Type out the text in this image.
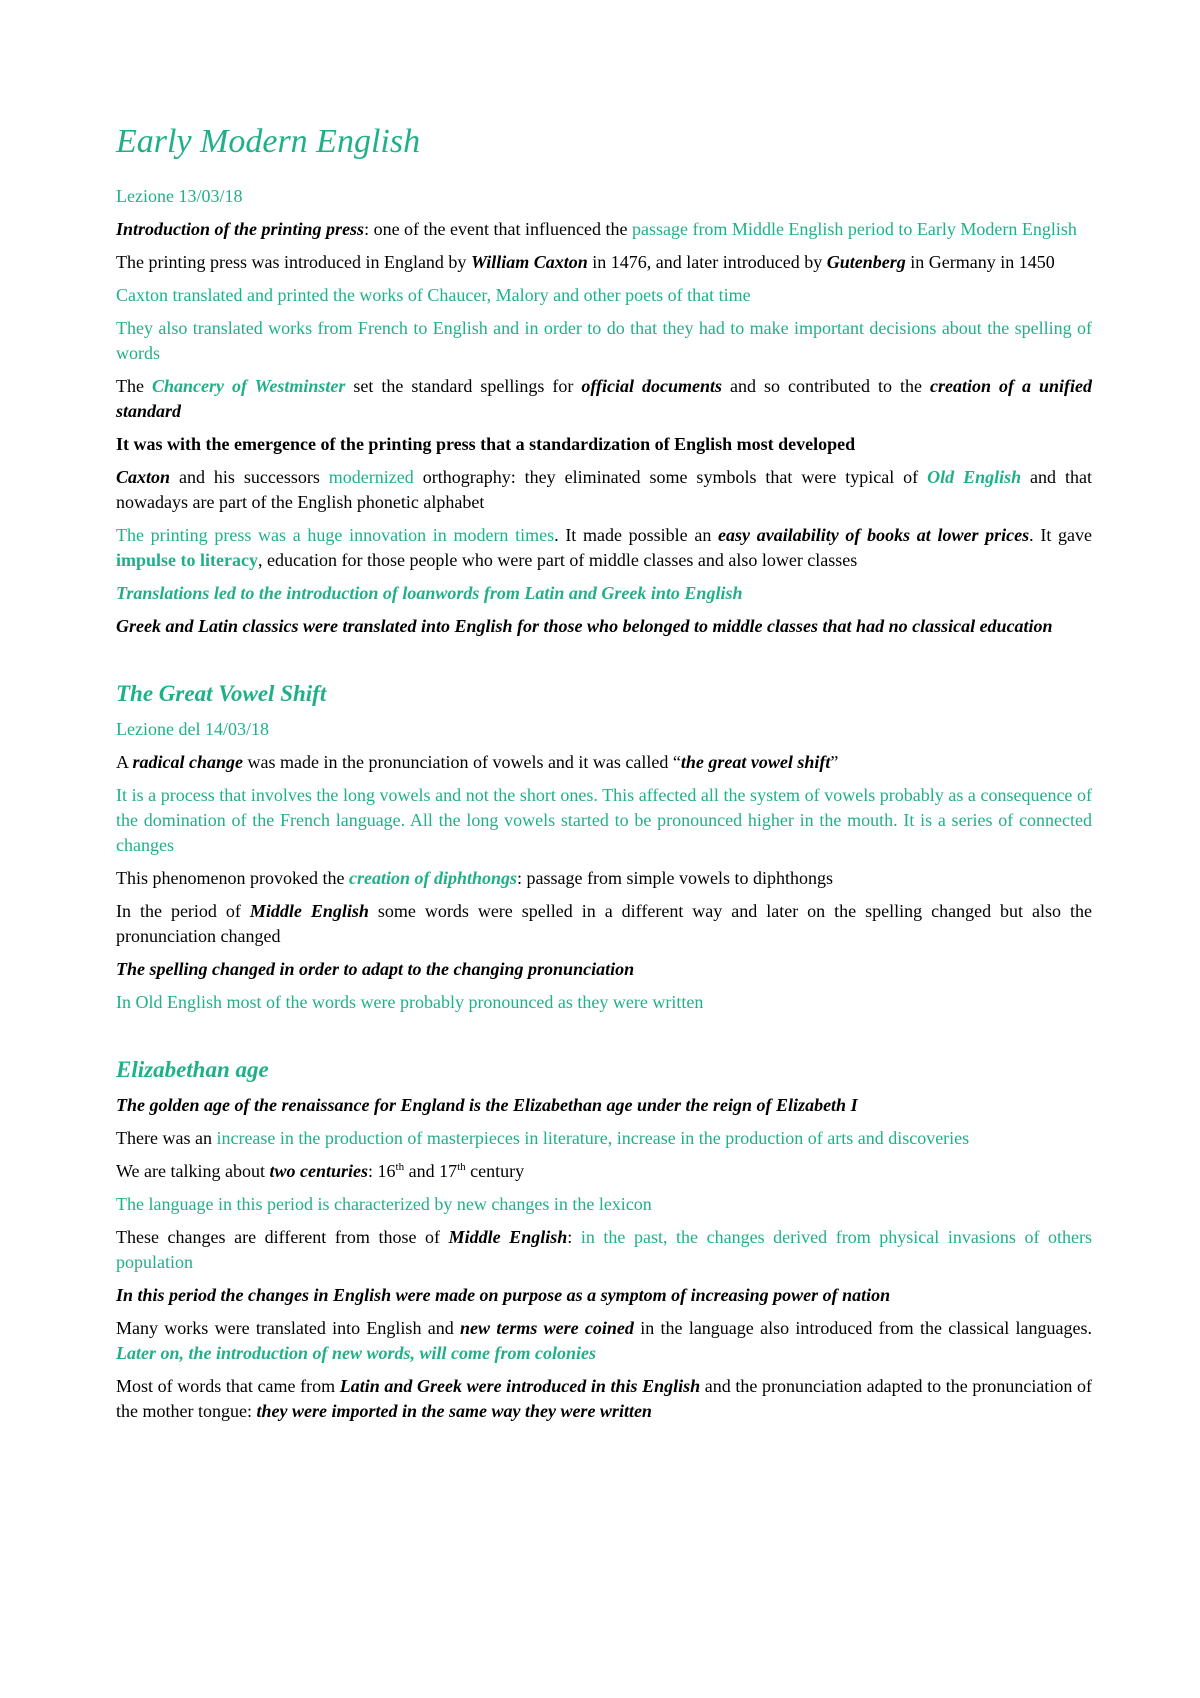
Early Modern English

Lezione 13/03/18

Introduction of the printing press: one of the event that influenced the passage from Middle English period to Early Modern English

The printing press was introduced in England by William Caxton in 1476, and later introduced by Gutenberg in Germany in 1450

Caxton translated and printed the works of Chaucer, Malory and other poets of that time

They also translated works from French to English and in order to do that they had to make important decisions about the spelling of words

The Chancery of Westminster set the standard spellings for official documents and so contributed to the creation of a unified standard

It was with the emergence of the printing press that a standardization of English most developed

Caxton and his successors modernized orthography: they eliminated some symbols that were typical of Old English and that nowadays are part of the English phonetic alphabet

The printing press was a huge innovation in modern times. It made possible an easy availability of books at lower prices. It gave impulse to literacy, education for those people who were part of middle classes and also lower classes

Translations led to the introduction of loanwords from Latin and Greek into English

Greek and Latin classics were translated into English for those who belonged to middle classes that had no classical education

The Great Vowel Shift

Lezione del 14/03/18

A radical change was made in the pronunciation of vowels and it was called “the great vowel shift”

It is a process that involves the long vowels and not the short ones. This affected all the system of vowels probably as a consequence of the domination of the French language. All the long vowels started to be pronounced higher in the mouth. It is a series of connected changes

This phenomenon provoked the creation of diphthongs: passage from simple vowels to diphthongs

In the period of Middle English some words were spelled in a different way and later on the spelling changed but also the pronunciation changed

The spelling changed in order to adapt to the changing pronunciation

In Old English most of the words were probably pronounced as they were written

Elizabethan age

The golden age of the renaissance for England is the Elizabethan age under the reign of Elizabeth I

There was an increase in the production of masterpieces in literature, increase in the production of arts and discoveries

We are talking about two centuries: 16th and 17th century

The language in this period is characterized by new changes in the lexicon

These changes are different from those of Middle English: in the past, the changes derived from physical invasions of others population

In this period the changes in English were made on purpose as a symptom of increasing power of nation

Many works were translated into English and new terms were coined in the language also introduced from the classical languages. Later on, the introduction of new words, will come from colonies

Most of words that came from Latin and Greek were introduced in this English and the pronunciation adapted to the pronunciation of the mother tongue: they were imported in the same way they were written
